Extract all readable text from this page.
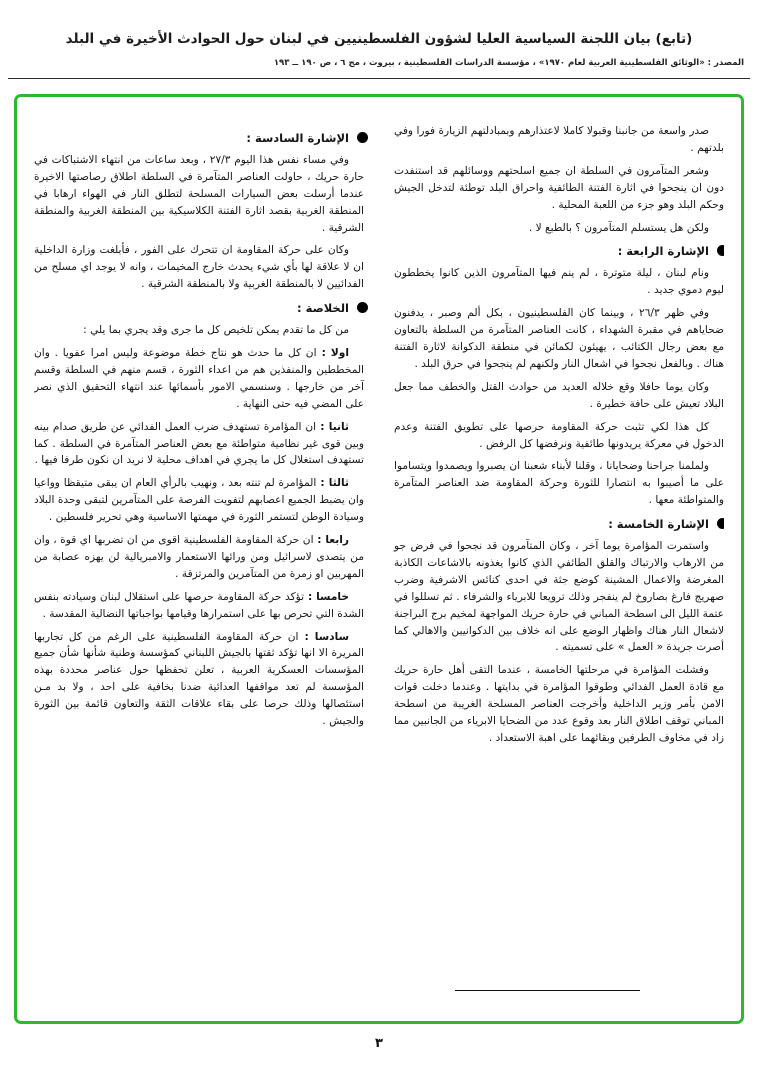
(تابع) بيان اللجنة السياسية العليا لشؤون الفلسطينيين في لبنان حول الحوادث الأخيرة في البلد
المصدر : «الوثائق الفلسطينية العربية لعام ١٩٧٠» ، مؤسسة الدراسات الفلسطينية ، بيروت ، مج ٦ ، ص ١٩٠ ــ ١٩٣

صدر واسعة من جانبنا وقبولا كاملا لاعتذارهم وبمبادلتهم الزيارة فورا وفي بلدتهم .

وشعر المتآمرون في السلطة ان جميع اسلحتهم ووسائلهم قد استنفدت دون ان ينجحوا في اثارة الفتنة الطائفية واحراق البلد توطئة لتدخل الجيش وحكم البلد وهو جزء من اللعبة المحلية .

ولكن هل يستسلم المتآمرون ؟ بالطبع لا .

الإشارة الرابعة :

ونام لبنان ، ليلة متوترة ، لم ينم فيها المتآمرون الذين كانوا يخططون ليوم دموي جديد .

وفي ظهر ٢٦/٣ ، وبينما كان الفلسطينيون ، بكل ألم وصبر ، يدفنون ضحاياهم في مقبرة الشهداء ، كانت العناصر المتآمرة من السلطة بالتعاون مع بعض رجال الكتائب ، يهيئون لكمائن في منطقة الدكوانة لاثارة الفتنة هناك . وبالفعل نجحوا في اشعال النار ولكنهم لم ينجحوا في حرق البلد .

وكان يوما حافلا وقع خلاله العديد من حوادث القتل والخطف مما جعل البلاد تعيش على حافة خطيرة .

كل هذا لكي تثبت حركة المقاومة حرصها على تطويق الفتنة وعدم الدخول في معركة يريدونها طائفية ونرفضها كل الرفض .

ولملمنا جراحنا وضحايانا ، وقلنا لأبناء شعبنا ان يصبروا ويصمدوا ويتساموا على ما أصيبوا به انتصارا للثورة وحركة المقاومة ضد العناصر المتآمرة والمتواطئة معها .

الإشارة الخامسة :

واستمرت المؤامرة يوما آخر ، وكان المتآمرون قد نجحوا في فرض جو من الارهاب والارتباك والقلق الطائفي الذي كانوا يغذونه بالاشاعات الكاذبة المغرضة والاعمال المشينة كوضع جثة في احدى كنائس الاشرفية وضرب صهريج فارغ بصاروخ لم ينفجر وذلك ترويعا للابرياء والشرفاء . ثم تسللوا في عتمة الليل الى اسطحة المباني في حارة حريك المواجهة لمخيم برج البراجنة لاشعال النار هناك واظهار الوضع على انه خلاف بين الدكوانيين والاهالي كما أصرت جريدة « العمل » على تسميته .

وفشلت المؤامرة في مرحلتها الخامسة ، عندما التقى أهل حارة حريك مع قادة العمل الفدائي وطوقوا المؤامرة في بدايتها . وعندما دخلت قوات الامن بأمر وزير الداخلية وأخرجت العناصر المسلحة الغريبة من اسطحة المباني توقف اطلاق النار بعد وقوع عدد من الضحايا الابرياء من الجانبين مما زاد في مخاوف الطرفين وبقائهما على اهبة الاستعداد .

الإشارة السادسة :

وفي مساء نفس هذا اليوم ٢٧/٣ ، وبعد ساعات من انتهاء الاشتباكات في حارة حريك ، حاولت العناصر المتآمرة في السلطة اطلاق رصاصتها الاخيرة عندما أرسلت بعض السيارات المسلحة لتطلق النار في الهواء ارهابا في المنطقة الغربية بقصد اثارة الفتنة الكلاسيكية بين المنطقة الغربية والمنطقة الشرقية .

وكان على حركة المقاومة ان تتحرك على الفور ، فأبلغت وزارة الداخلية ان لا علاقة لها بأي شيء يحدث خارج المخيمات ، وانه لا يوجد اي مسلح من الفدائيين لا بالمنطقة الغربية ولا بالمنطقة الشرقية .

الخلاصة :

من كل ما تقدم يمكن تلخيص كل ما جرى وقد يجري بما يلي :

اولا : ان كل ما حدث هو نتاج خطة موضوعة وليس امرا عفويا . وان المخططين والمنفذين هم من اعداء الثورة ، قسم منهم في السلطة وقسم آخر من خارجها . وسنسمي الامور بأسمائها عند انتهاء التحقيق الذي نصر على المضي فيه حتى النهاية .

ثانيا : ان المؤامرة تستهدف ضرب العمل الفدائي عن طريق صدام بينه وبين قوى غير نظامية متواطئة مع بعض العناصر المتآمرة في السلطة . كما تستهدف استغلال كل ما يجري في اهداف محلية لا نريد ان نكون طرفا فيها .

ثالثا : المؤامرة لم تنته بعد ، ونهيب بالرأي العام ان يبقى متيقظا وواعيا وان يضبط الجميع اعصابهم لتفويت الفرصة على المتآمرين لتبقى وحدة البلاد وسيادة الوطن لتستمر الثورة في مهمتها الاساسية وهي تحرير فلسطين .

رابعا : ان حركة المقاومة الفلسطينية اقوى من ان تضربها اي قوة ، وان من يتصدى لاسرائيل ومن ورائها الاستعمار والامبريالية لن يهزه عصابة من المهربين او زمرة من المتآمرين والمرتزقة .

خامسا : تؤكد حركة المقاومة حرصها على استقلال لبنان وسيادته بنفس الشدة التي تحرص بها على استمرارها وقيامها بواجباتها النضالية المقدسة .

سادسا : ان حركة المقاومة الفلسطينية على الرغم من كل تجاربها المريرة الا انها تؤكد ثقتها بالجيش اللبناني كمؤسسة وطنية شأنها شأن جميع المؤسسات العسكرية العربية ، تعلن تحفظها حول عناصر محددة بهذه المؤسسة لم تعد مواقفها العدائية ضدنا بخافية على احد ، ولا بد مـن استئصالها وذلك حرصا على بقاء علاقات الثقة والتعاون قائمة بين الثورة والجيش .

٣
